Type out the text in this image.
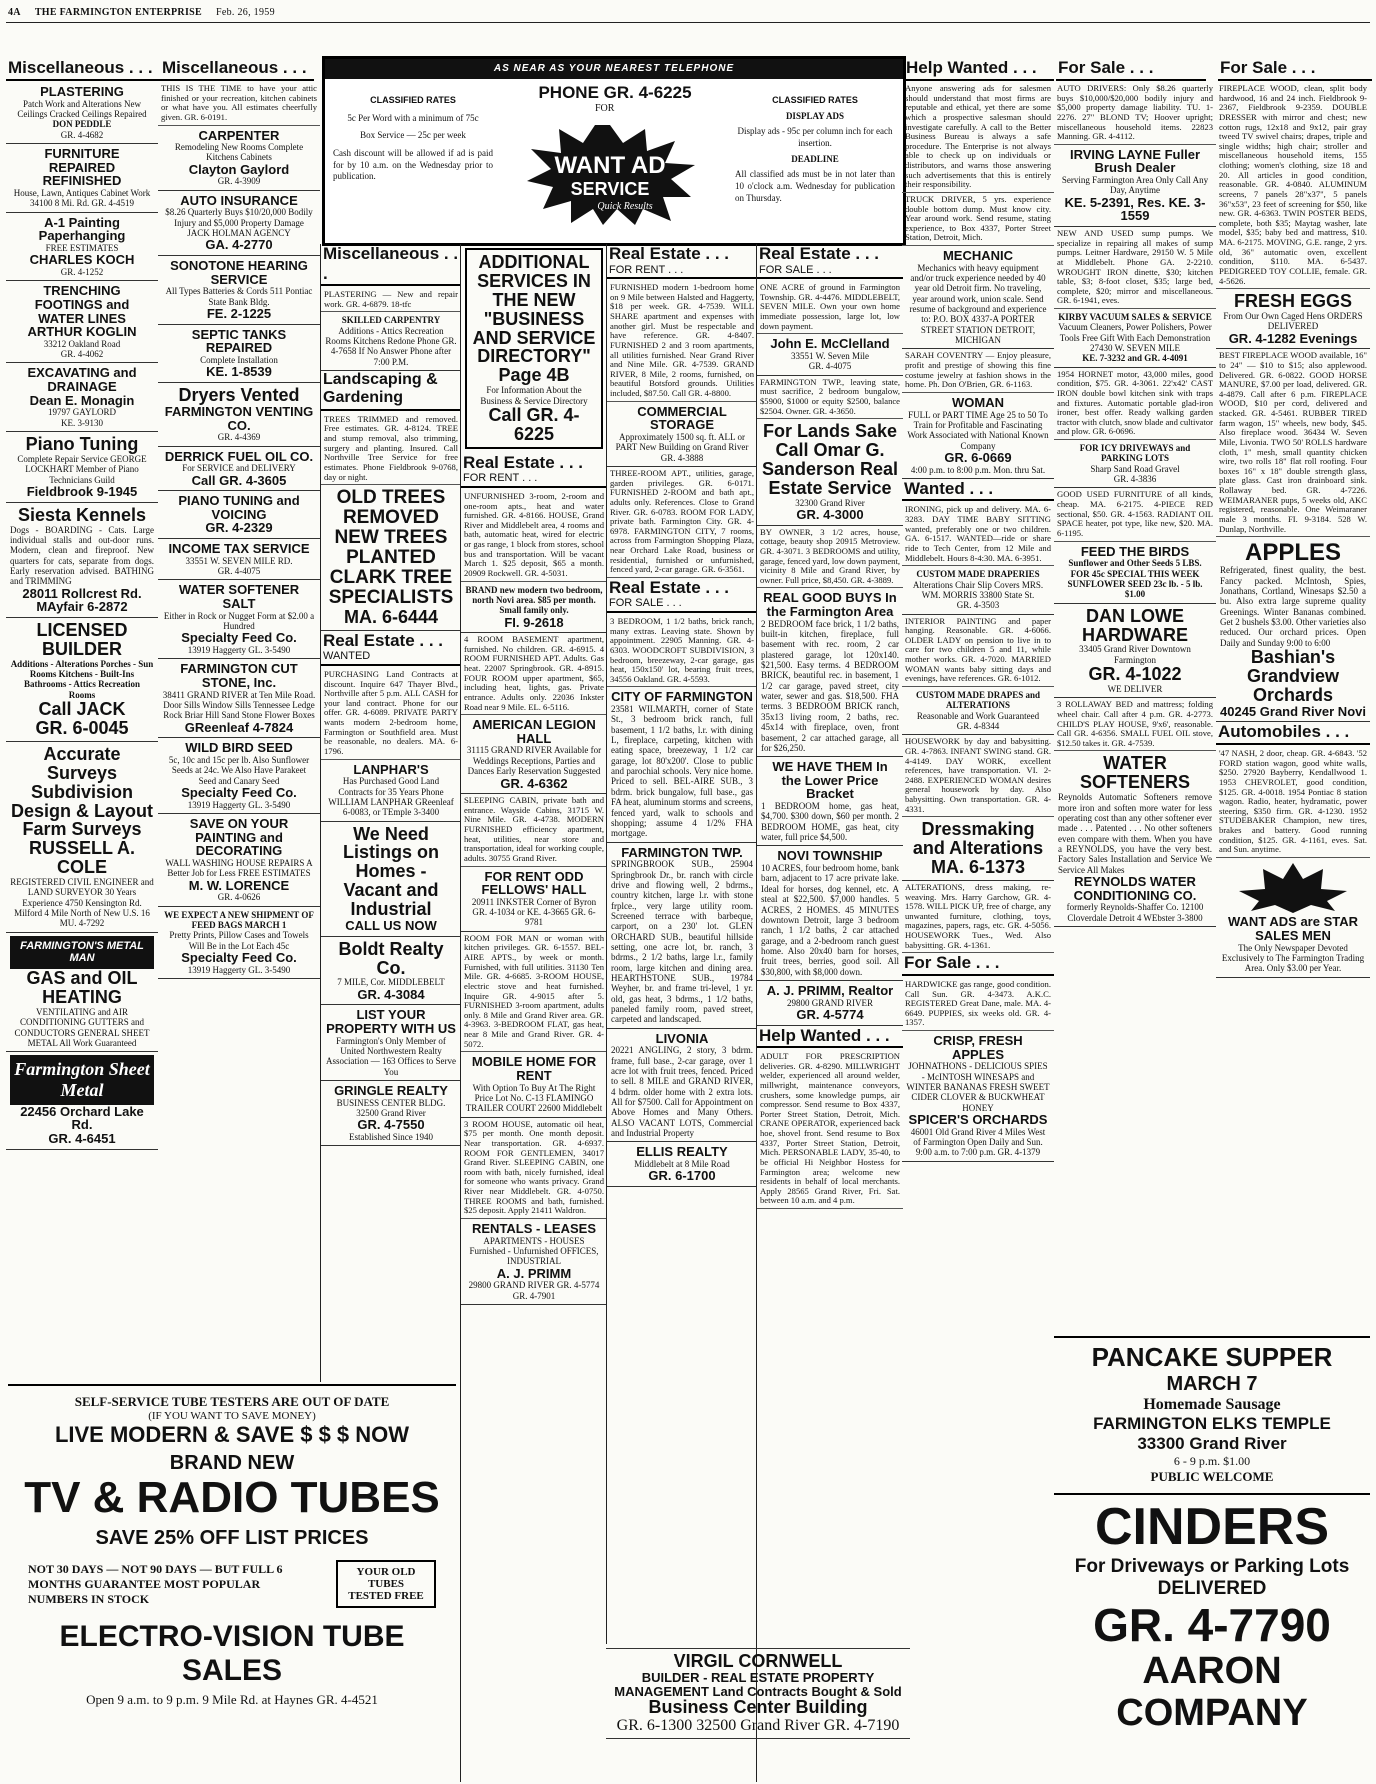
4A THE FARMINGTON ENTERPRISE Feb. 26, 1959
AS NEAR AS YOUR NEAREST TELEPHONE
PHONE GR. 4-6225
FOR
CLASSIFIED RATES
5c Per Word with a minimum of 75c
Box Service — 25c per week
Cash discount will be allowed if ad is paid for by 10 a.m. on the Wednesday prior to publication.	WANT AD
SERVICE
Quick Results
CLASSIFIED RATES
DISPLAY ADS
Display ads - 95c per column inch for each insertion.
DEADLINE
All classified ads must be in not later than 10 o'clock a.m. Wednesday for publication on Thursday.
Miscellaneous . . .
PLASTERING
Patch Work and Alterations New Ceilings Cracked Ceilings Repaired
DON PEDDLE
GR. 4-4682
FURNITURE REPAIRED REFINISHED
House, Lawn, Antiques Cabinet Work
34100 8 Mi. Rd. GR. 4-4519
A-1 Painting Paperhanging
FREE ESTIMATES
CHARLES KOCH
GR. 4-1252
TRENCHING FOOTINGS and WATER LINES
ARTHUR KOGLIN
33212 Oakland Road
GR. 4-4062
EXCAVATING and DRAINAGE
Dean E. Monagin
19797 GAYLORD
KE. 3-9130
Piano Tuning
Complete Repair Service GEORGE LOCKHART Member of Piano Technicians Guild
Fieldbrook 9-1945
Siesta Kennels
Dogs - BOARDING - Cats. Large individual stalls and out-door runs. Modern, clean and fireproof. New quarters for cats, separate from dogs. Early reservation advised. BATHING and TRIMMING
28011 Rollcrest Rd.
MAyfair 6-2872
LICENSED BUILDER
Additions - Alterations Porches - Sun Rooms Kitchens - Built-Ins Bathrooms - Attics Recreation Rooms
Call JACK
GR. 6-0045
Accurate Surveys Subdivision Design & Layout Farm Surveys
RUSSELL A. COLE
REGISTERED CIVIL ENGINEER and LAND SURVEYOR 30 Years Experience 4750 Kensington Rd. Milford 4 Mile North of New U.S. 16
MU. 4-7292
FARMINGTON'S METAL MAN
GAS and OIL HEATING
VENTILATING and AIR CONDITIONING GUTTERS and CONDUCTORS GENERAL SHEET METAL All Work Guaranteed
Farmington Sheet Metal
22456 Orchard Lake Rd.
GR. 4-6451
Miscellaneous . . .
THIS IS THE TIME to have your attic finished or your recreation, kitchen cabinets or what have you. All estimates cheerfully given. GR. 6-0191.
CARPENTER
Remodeling New Rooms Complete Kitchens Cabinets
Clayton Gaylord
GR. 4-3909
AUTO INSURANCE
$8.26 Quarterly Buys $10/20,000 Bodily Injury and $5,000 Property Damage JACK HOLMAN AGENCY
GA. 4-2770
SONOTONE HEARING SERVICE
All Types Batteries & Cords 511 Pontiac State Bank Bldg.
FE. 2-1225
SEPTIC TANKS REPAIRED
Complete Installation
KE. 1-8539
Dryers Vented
FARMINGTON VENTING CO.
GR. 4-4369
DERRICK FUEL OIL CO.
For SERVICE and DELIVERY
Call GR. 4-3605
PIANO TUNING and VOICING
GR. 4-2329
INCOME TAX SERVICE
33551 W. SEVEN MILE RD.
GR. 4-4075
WATER SOFTENER SALT
Either in Rock or Nugget Form at $2.00 a Hundred
Specialty Feed Co.
13919 Haggerty GL. 3-5490
FARMINGTON CUT STONE, Inc.
38411 GRAND RIVER at Ten Mile Road. Door Sills Window Sills Tennessee Ledge Rock Briar Hill Sand Stone Flower Boxes
GReenleaf 4-7824
WILD BIRD SEED
5c, 10c and 15c per lb. Also Sunflower Seeds at 24c. We Also Have Parakeet Seed and Canary Seed
Specialty Feed Co.
13919 Haggerty GL. 3-5490
SAVE ON YOUR PAINTING and DECORATING
WALL WASHING HOUSE REPAIRS A Better Job for Less FREE ESTIMATES
M. W. LORENCE
GR. 4-0626
WE EXPECT A NEW SHIPMENT OF FEED BAGS MARCH 1
Pretty Prints, Pillow Cases and Towels Will Be in the Lot Each 45c
Specialty Feed Co.
13919 Haggerty GL. 3-5490
Miscellaneous . . .
PLASTERING — New and repair work. GR. 4-6879. 18-tfc
SKILLED CARPENTRY
Additions - Attics Recreation Rooms Kitchens Redone Phone GR. 4-7658 If No Answer Phone after 7:00 P.M.
Landscaping & Gardening
TREES TRIMMED and removed. Free estimates. GR. 4-8124. TREE and stump removal, also trimming, surgery and planting. Insured. Call Northville Tree Service for free estimates. Phone Fieldbrook 9-0768, day or night.
OLD TREES REMOVED NEW TREES PLANTED CLARK TREE SPECIALISTS
MA. 6-6444
Real Estate . . .
WANTED
PURCHASING Land Contracts at discount. Inquire 647 Thayer Blvd., Northville after 5 p.m. ALL CASH for your land contract. Phone for our offer. GR. 4-6089. PRIVATE PARTY wants modern 2-bedroom home, Farmington or Southfield area. Must be reasonable, no dealers. MA. 6-1796.
LANPHAR'S
Has Purchased Good Land Contracts for 35 Years Phone WILLIAM LANPHAR GReenleaf 6-0083, or TEmple 3-3400
We Need Listings on Homes - Vacant and Industrial
CALL US NOW
Boldt Realty Co.
7 MILE, Cor. MIDDLEBELT
GR. 4-3084
LIST YOUR PROPERTY WITH US
Farmington's Only Member of United Northwestern Realty Association — 163 Offices to Serve You
GRINGLE REALTY
BUSINESS CENTER BLDG. 32500 Grand River
GR. 4-7550
Established Since 1940
ADDITIONAL SERVICES IN THE NEW "BUSINESS AND SERVICE DIRECTORY" Page 4B
For Information About the Business & Service Directory
Call GR. 4-6225
Real Estate . . .
FOR RENT . . .
UNFURNISHED 3-room, 2-room and one-room apts., heat and water furnished. GR. 4-8166. HOUSE, Grand River and Middlebelt area, 4 rooms and bath, automatic heat, wired for electric or gas range, 1 block from stores, school bus and transportation. Will be vacant March 1. $25 deposit, $65 a month. 20909 Rockwell. GR. 4-5031.
BRAND new modern two bedroom, north Novi area. $85 per month. Small family only.
FI. 9-2618
4 ROOM BASEMENT apartment, furnished. No children. GR. 4-6915. 4 ROOM FURNISHED APT. Adults. Gas heat. 22007 Springbrook. GR. 4-8915. FOUR ROOM upper apartment, $65, including heat, lights, gas. Private entrance. Adults only. 22036 Inkster Road near 9 Mile. EL. 6-5116.
AMERICAN LEGION HALL
31115 GRAND RIVER Available for Weddings Receptions, Parties and Dances Early Reservation Suggested
GR. 4-6362
SLEEPING CABIN, private bath and entrance. Wayside Cabins, 31715 W. Nine Mile. GR. 4-4738. MODERN FURNISHED efficiency apartment, heat, utilities, near store and transportation, ideal for working couple, adults. 30755 Grand River.
FOR RENT ODD FELLOWS' HALL
20911 INKSTER Corner of Byron
GR. 4-1034 or KE. 4-3665 GR. 6-9781
ROOM FOR MAN or woman with kitchen privileges. GR. 6-1557. BEL-AIRE APTS., by week or month. Furnished, with full utilities. 31130 Ten Mile. GR. 4-6685. 3-ROOM HOUSE, electric stove and heat furnished. Inquire GR. 4-9015 after 5. FURNISHED 3-room apartment, adults only. 8 Mile and Grand River area. GR. 4-3963. 3-BEDROOM FLAT, gas heat, near 8 Mile and Grand River. GR. 4-5072.
MOBILE HOME FOR RENT
With Option To Buy At The Right Price Lot No. C-13 FLAMINGO TRAILER COURT 22600 Middlebelt
3 ROOM HOUSE, automatic oil heat, $75 per month. One month deposit. Near transportation. GR. 4-6937. ROOM FOR GENTLEMEN, 34017 Grand River. SLEEPING CABIN, one room with bath, nicely furnished, ideal for someone who wants privacy. Grand River near Middlebelt. GR. 4-0750. THREE ROOMS and bath, furnished. $25 deposit. Apply 21411 Waldron.
RENTALS - LEASES
APARTMENTS - HOUSES Furnished - Unfurnished OFFICES, INDUSTRIAL
A. J. PRIMM
29800 GRAND RIVER GR. 4-5774 GR. 4-7901
Real Estate . . .
FOR RENT . . .
FURNISHED modern 1-bedroom home on 9 Mile between Halsted and Haggerty, $18 per week. GR. 4-7539. WILL SHARE apartment and expenses with another girl. Must be respectable and have reference. GR. 4-8407. FURNISHED 2 and 3 room apartments, all utilities furnished. Near Grand River and Nine Mile. GR. 4-7539. GRAND RIVER, 8 Mile, 2 rooms, furnished, on beautiful Botsford grounds. Utilities included, $87.50. Call GR. 4-8800.
COMMERCIAL STORAGE
Approximately 1500 sq. ft. ALL or PART New Building on Grand River
GR. 4-3888
THREE-ROOM APT., utilities, garage, garden privileges. GR. 6-0171. FURNISHED 2-ROOM and bath apt., adults only. References. Close to Grand River. GR. 6-0783. ROOM FOR LADY, private bath. Farmington City. GR. 4-6978. FARMINGTON CITY, 7 rooms, across from Farmington Shopping Plaza, near Orchard Lake Road, business or residential, furnished or unfurnished, fenced yard, 2-car garage. GR. 6-3561.
Real Estate . . .
FOR SALE . . .
3 BEDROOM, 1 1/2 baths, brick ranch, many extras. Leaving state. Shown by appointment. 22905 Manning. GR. 4-6303. WOODCROFT SUBDIVISION, 3 bedroom, breezeway, 2-car garage, gas heat, 150x150' lot, bearing fruit trees, 34556 Oakland. GR. 4-5593.
CITY OF FARMINGTON
23581 WILMARTH, corner of State St., 3 bedroom brick ranch, full basement, 1 1/2 baths, l.r. with dining L, fireplace, carpeting, kitchen with eating space, breezeway, 1 1/2 car garage, lot 80'x200'. Close to public and parochial schools. Very nice home. Priced to sell. BEL-AIRE SUB., 3 bdrm. brick bungalow, full base., gas FA heat, aluminum storms and screens, fenced yard, walk to schools and shopping; assume 4 1/2% FHA mortgage.
FARMINGTON TWP.
SPRINGBROOK SUB., 25904 Springbrook Dr., br. ranch with circle drive and flowing well, 2 bdrms., country kitchen, large l.r. with stone frplce., very large utility room. Screened terrace with barbeque, carport, on a 230' lot. GLEN ORCHARD SUB., beautiful hillside setting, one acre lot, br. ranch, 3 bdrms., 2 1/2 baths, large l.r., family room, large kitchen and dining area. HEARTHSTONE SUB., 19784 Weyher, br. and frame tri-level, 1 yr. old, gas heat, 3 bdrms., 1 1/2 baths, paneled family room, paved street, carpeted and landscaped.
LIVONIA
20221 ANGLING, 2 story, 3 bdrm. frame, full base., 2-car garage, over 1 acre lot with fruit trees, fenced. Priced to sell. 8 MILE and GRAND RIVER, 4 bdrm. older home with 2 extra lots. All for $7500. Call for Appointment on Above Homes and Many Others. ALSO VACANT LOTS, Commercial and Industrial Property
ELLIS REALTY
Middlebelt at 8 Mile Road
GR. 6-1700
Real Estate . . .
FOR SALE . . .
ONE ACRE of ground in Farmington Township. GR. 4-4476. MIDDLEBELT, SEVEN MILE. Own your own home immediate possession, large lot, low down payment.
John E. McClelland
33551 W. Seven Mile
GR. 4-4075
FARMINGTON TWP., leaving state, must sacrifice, 2 bedroom bungalow, $5900, $1000 or equity $2500, balance $2504. Owner. GR. 4-3650.
For Lands Sake Call Omar G. Sanderson Real Estate Service
32300 Grand River
GR. 4-3000
BY OWNER, 3 1/2 acres, house, cottage, beauty shop 20915 Metroview. GR. 4-3071. 3 BEDROOMS and utility, garage, fenced yard, low down payment, vicinity 8 Mile and Grand River, by owner. Full price, $8,450. GR. 4-3889.
REAL GOOD BUYS In the Farmington Area
2 BEDROOM face brick, 1 1/2 baths, built-in kitchen, fireplace, full basement with rec. room, 2 car plastered garage, lot 120x140. $21,500. Easy terms. 4 BEDROOM BRICK, beautiful rec. in basement, 1 1/2 car garage, paved street, city water, sewer and gas. $18,500. FHA terms. 3 BEDROOM BRICK ranch, 35x13 living room, 2 baths, rec. 45x14 with fireplace, oven, front basement, 2 car attached garage, all for $26,250.
WE HAVE THEM In the Lower Price Bracket
1 BEDROOM home, gas heat, $4,700. $300 down, $60 per month. 2 BEDROOM HOME, gas heat, city water, full price $4,500.
NOVI TOWNSHIP
10 ACRES, four bedroom home, bank barn, adjacent to 17 acre private lake. Ideal for horses, dog kennel, etc. A steal at $22,500. $7,000 handles. 5 ACRES, 2 HOMES. 45 MINUTES downtown Detroit, large 3 bedroom ranch, 1 1/2 baths, 2 car attached garage, and a 2-bedroom ranch guest home. Also 20x40 barn for horses, fruit trees, berries, good soil. All $30,800, with $8,000 down.
A. J. PRIMM, Realtor
29800 GRAND RIVER
GR. 4-5774
Help Wanted . . .
ADULT FOR PRESCRIPTION deliveries. GR. 4-8290. MILLWRIGHT welder, experienced all around welder, millwright, maintenance conveyors, crushers, some knowledge pumps, air compressor. Send resume to Box 4337, Porter Street Station, Detroit, Mich. CRANE OPERATOR, experienced back hoe, shovel front. Send resume to Box 4337, Porter Street Station, Detroit, Mich. PERSONABLE LADY, 35-40, to be official Hi Neighbor Hostess for Farmington area; welcome new residents in behalf of local merchants. Apply 28565 Grand River, Fri. Sat. between 10 a.m. and 4 p.m.
VIRGIL CORNWELL
BUILDER - REAL ESTATE PROPERTY MANAGEMENT Land Contracts Bought & Sold
Business Center Building
GR. 6-1300 32500 Grand River GR. 4-7190
Help Wanted . . .
Anyone answering ads for salesmen should understand that most firms are reputable and ethical, yet there are some which a prospective salesman should investigate carefully. A call to the Better Business Bureau is always a safe procedure. The Enterprise is not always able to check up on individuals or distributors, and warns those answering such advertisements that this is entirely their responsibility.
TRUCK DRIVER, 5 yrs. experience double bottom dump. Must know city. Year around work. Send resume, stating experience, to Box 4337, Porter Street Station, Detroit, Mich.
MECHANIC
Mechanics with heavy equipment and/or truck experience needed by 40 year old Detroit firm. No traveling, year around work, union scale. Send resume of background and experience to: P.O. BOX 4337-A PORTER STREET STATION DETROIT, MICHIGAN
SARAH COVENTRY — Enjoy pleasure, profit and prestige of showing this fine costume jewelry at fashion shows in the home. Ph. Don O'Brien, GR. 6-1163.
WOMAN
FULL or PART TIME Age 25 to 50 To Train for Profitable and Fascinating Work Associated with National Known Company
GR. 6-0669
4:00 p.m. to 8:00 p.m. Mon. thru Sat.
Wanted . . .
IRONING, pick up and delivery. MA. 6-3283. DAY TIME BABY SITTING wanted, preferably one or two children. GA. 6-1517. WANTED—ride or share ride to Tech Center, from 12 Mile and Middlebelt. Hours 8-4:30. MA. 6-3951.
CUSTOM MADE DRAPERIES
Alterations Chair Slip Covers MRS. WM. MORRIS 33800 State St.
GR. 4-3503
INTERIOR PAINTING and paper hanging. Reasonable. GR. 4-6066. OLDER LADY on pension to live in to care for two children 5 and 11, while mother works. GR. 4-7020. MARRIED WOMAN wants baby sitting days and evenings, have references. GR. 6-1012.
CUSTOM MADE DRAPES and ALTERATIONS
Reasonable and Work Guaranteed
GR. 4-8344
HOUSEWORK by day and babysitting. GR. 4-7863. INFANT SWING stand. GR. 4-4149. DAY WORK, excellent references, have transportation. VI. 2-2488. EXPERIENCED WOMAN desires general housework by day. Also babysitting. Own transportation. GR. 4-4331.
Dressmaking and Alterations
MA. 6-1373
ALTERATIONS, dress making, re-weaving. Mrs. Harry Garchow, GR. 4-1578. WILL PICK UP, free of charge, any unwanted furniture, clothing, toys, magazines, papers, rags, etc. GR. 4-5056. HOUSEWORK Tues., Wed. Also babysitting. GR. 4-1361.
For Sale . . .
HARDWICKE gas range, good condition. Call Sun. GR. 4-3473. A.K.C. REGISTERED Great Dane, male. MA. 4-6649. PUPPIES, six weeks old. GR. 4-1357.
CRISP, FRESH APPLES
JOHNATHONS - DELICIOUS SPIES - McINTOSH WINESAPS and WINTER BANANAS FRESH SWEET CIDER CLOVER & BUCKWHEAT HONEY
SPICER'S ORCHARDS
46001 Old Grand River 4 Miles West of Farmington Open Daily and Sun. 9:00 a.m. to 7:00 p.m. GR. 4-1379
For Sale . . .
AUTO DRIVERS: Only $8.26 quarterly buys $10,000/$20,000 bodily injury and $5,000 property damage liability. TU. 1-2276. 27" BLOND TV; Hoover upright; miscellaneous household items. 22823 Manning. GR. 4-4112.
IRVING LAYNE Fuller Brush Dealer
Serving Farmington Area Only Call Any Day, Anytime
KE. 5-2391, Res. KE. 3-1559
NEW AND USED sump pumps. We specialize in repairing all makes of sump pumps. Leitner Hardware, 29150 W. 5 Mile at Middlebelt. Phone GA. 2-2210. WROUGHT IRON dinette, $30; kitchen table, $3; 8-foot closet, $35; large bed, complete, $20; mirror and miscellaneous. GR. 6-1941, eves.
KIRBY VACUUM SALES & SERVICE
Vacuum Cleaners, Power Polishers, Power Tools Free Gift With Each Demonstration 27430 W. SEVEN MILE
KE. 7-3232 and GR. 4-4091
1954 HORNET motor, 43,000 miles, good condition, $75. GR. 4-3061. 22'x42' CAST IRON double bowl kitchen sink with traps and fixtures. Automatic portable glad-iron ironer, best offer. Ready walking garden tractor with clutch, snow blade and cultivator and plow. GR. 6-0696.
FOR ICY DRIVEWAYS and PARKING LOTS
Sharp Sand Road Gravel
GR. 4-3836
GOOD USED FURNITURE of all kinds, cheap. MA. 6-2175. 4-PIECE RED sectional, $50. GR. 4-1563. RADIANT OIL SPACE heater, pot type, like new, $20. MA. 6-1195.
FEED THE BIRDS
Sunflower and Other Seeds 5 LBS. FOR 45c SPECIAL THIS WEEK SUNFLOWER SEED 23c lb. - 5 lb. $1.00
DAN LOWE HARDWARE
33405 Grand River Downtown Farmington
GR. 4-1022
WE DELIVER
3 ROLLAWAY BED and mattress; folding wheel chair. Call after 4 p.m. GR. 4-2773. CHILD'S PLAY HOUSE, 9'x6', reasonable. Call GR. 4-6356. SMALL FUEL OIL stove, $12.50 takes it. GR. 4-7539.
WATER SOFTENERS
Reynolds Automatic Softeners remove more iron and soften more water for less operating cost than any other softener ever made . . . Patented . . . No other softeners even compare with them. When you have a REYNOLDS, you have the very best. Factory Sales Installation and Service We Service All Makes
REYNOLDS WATER CONDITIONING CO.
formerly Reynolds-Shaffer Co. 12100 Cloverdale Detroit 4 WEbster 3-3800
For Sale . . .
FIREPLACE WOOD, clean, split body hardwood, 16 and 24 inch. Fieldbrook 9-2367, Fieldbrook 9-2359. DOUBLE DRESSER with mirror and chest; new cotton rugs, 12x18 and 9x12, pair gray tweed TV swivel chairs; drapes, triple and single widths; high chair; stroller and miscellaneous household items, 155 clothing; women's clothing, size 18 and 20. All articles in good condition, reasonable. GR. 4-0840. ALUMINUM screens, 7 panels 28"x37", 5 panels 36"x53", 23 feet of screening for $50, like new. GR. 4-6363. TWIN POSTER BEDS, complete, both $35; Maytag washer, late model, $35; baby bed and mattress, $10. MA. 6-2175. MOVING, G.E. range, 2 yrs. old, 36" automatic oven, excellent condition, $110. MA. 6-5437. PEDIGREED TOY COLLIE, female. GR. 4-5626.
FRESH EGGS
From Our Own Caged Hens ORDERS DELIVERED
GR. 4-1282 Evenings
BEST FIREPLACE WOOD available, 16" to 24" — $10 to $15; also applewood. Delivered. GR. 6-0822. GOOD HORSE MANURE, $7.00 per load, delivered. GR. 4-4879. Call after 6 p.m. FIREPLACE WOOD, $10 per cord, delivered and stacked. GR. 4-5461. RUBBER TIRED farm wagon, 15" wheels, new body, $45. Also fireplace wood. 36434 W. Seven Mile, Livonia. TWO 50' ROLLS hardware cloth, 1" mesh, small quantity chicken wire, two rolls 18" flat roll roofing. Four boxes 16" x 18" double strength glass, plate glass. Cast iron drainboard sink. Rollaway bed. GR. 4-7226. WEIMARANER pups, 5 weeks old, AKC registered, reasonable. One Weimaraner male 3 months. FI. 9-3184. 528 W. Dunlap, Northville.
APPLES
Refrigerated, finest quality, the best. Fancy packed. McIntosh, Spies, Jonathans, Cortland, Winesaps $2.50 a bu. Also extra large supreme quality Greenings. Winter Bananas combined. Get 2 bushels $3.00. Other varieties also reduced. Our orchard prices. Open Daily and Sunday 9:00 to 6:00
Bashian's Grandview Orchards
40245 Grand River Novi
Automobiles . . .
'47 NASH, 2 door, cheap. GR. 4-6843. '52 FORD station wagon, good white walls, $250. 27920 Bayberry, Kendallwood 1. 1953 CHEVROLET, good condition, $125. GR. 4-0018. 1954 Pontiac 8 station wagon. Radio, heater, hydramatic, power steering, $350 firm. GR. 4-1230. 1952 STUDEBAKER Champion, new tires, brakes and battery. Good running condition, $125. GR. 4-1161, eves. Sat. and Sun. anytime.
WANT ADS are STAR SALES MEN
The Only Newspaper Devoted Exclusively to The Farmington Trading Area. Only $3.00 per Year.
SELF-SERVICE TUBE TESTERS ARE OUT OF DATE
(IF YOU WANT TO SAVE MONEY)
LIVE MODERN & SAVE $ $ $ NOW
BRAND NEW
TV & RADIO TUBES
SAVE 25% OFF LIST PRICES
NOT 30 DAYS — NOT 90 DAYS — BUT FULL 6 MONTHS GUARANTEE MOST POPULAR NUMBERS IN STOCK
YOUR OLD TUBES TESTED FREE
ELECTRO-VISION TUBE SALES
Open 9 a.m. to 9 p.m. 9 Mile Rd. at Haynes GR. 4-4521
PANCAKE SUPPER
MARCH 7
Homemade Sausage
FARMINGTON ELKS TEMPLE
33300 Grand River
6 - 9 p.m. $1.00
PUBLIC WELCOME
CINDERS
For Driveways or Parking Lots
DELIVERED
GR. 4-7790
AARON COMPANY
